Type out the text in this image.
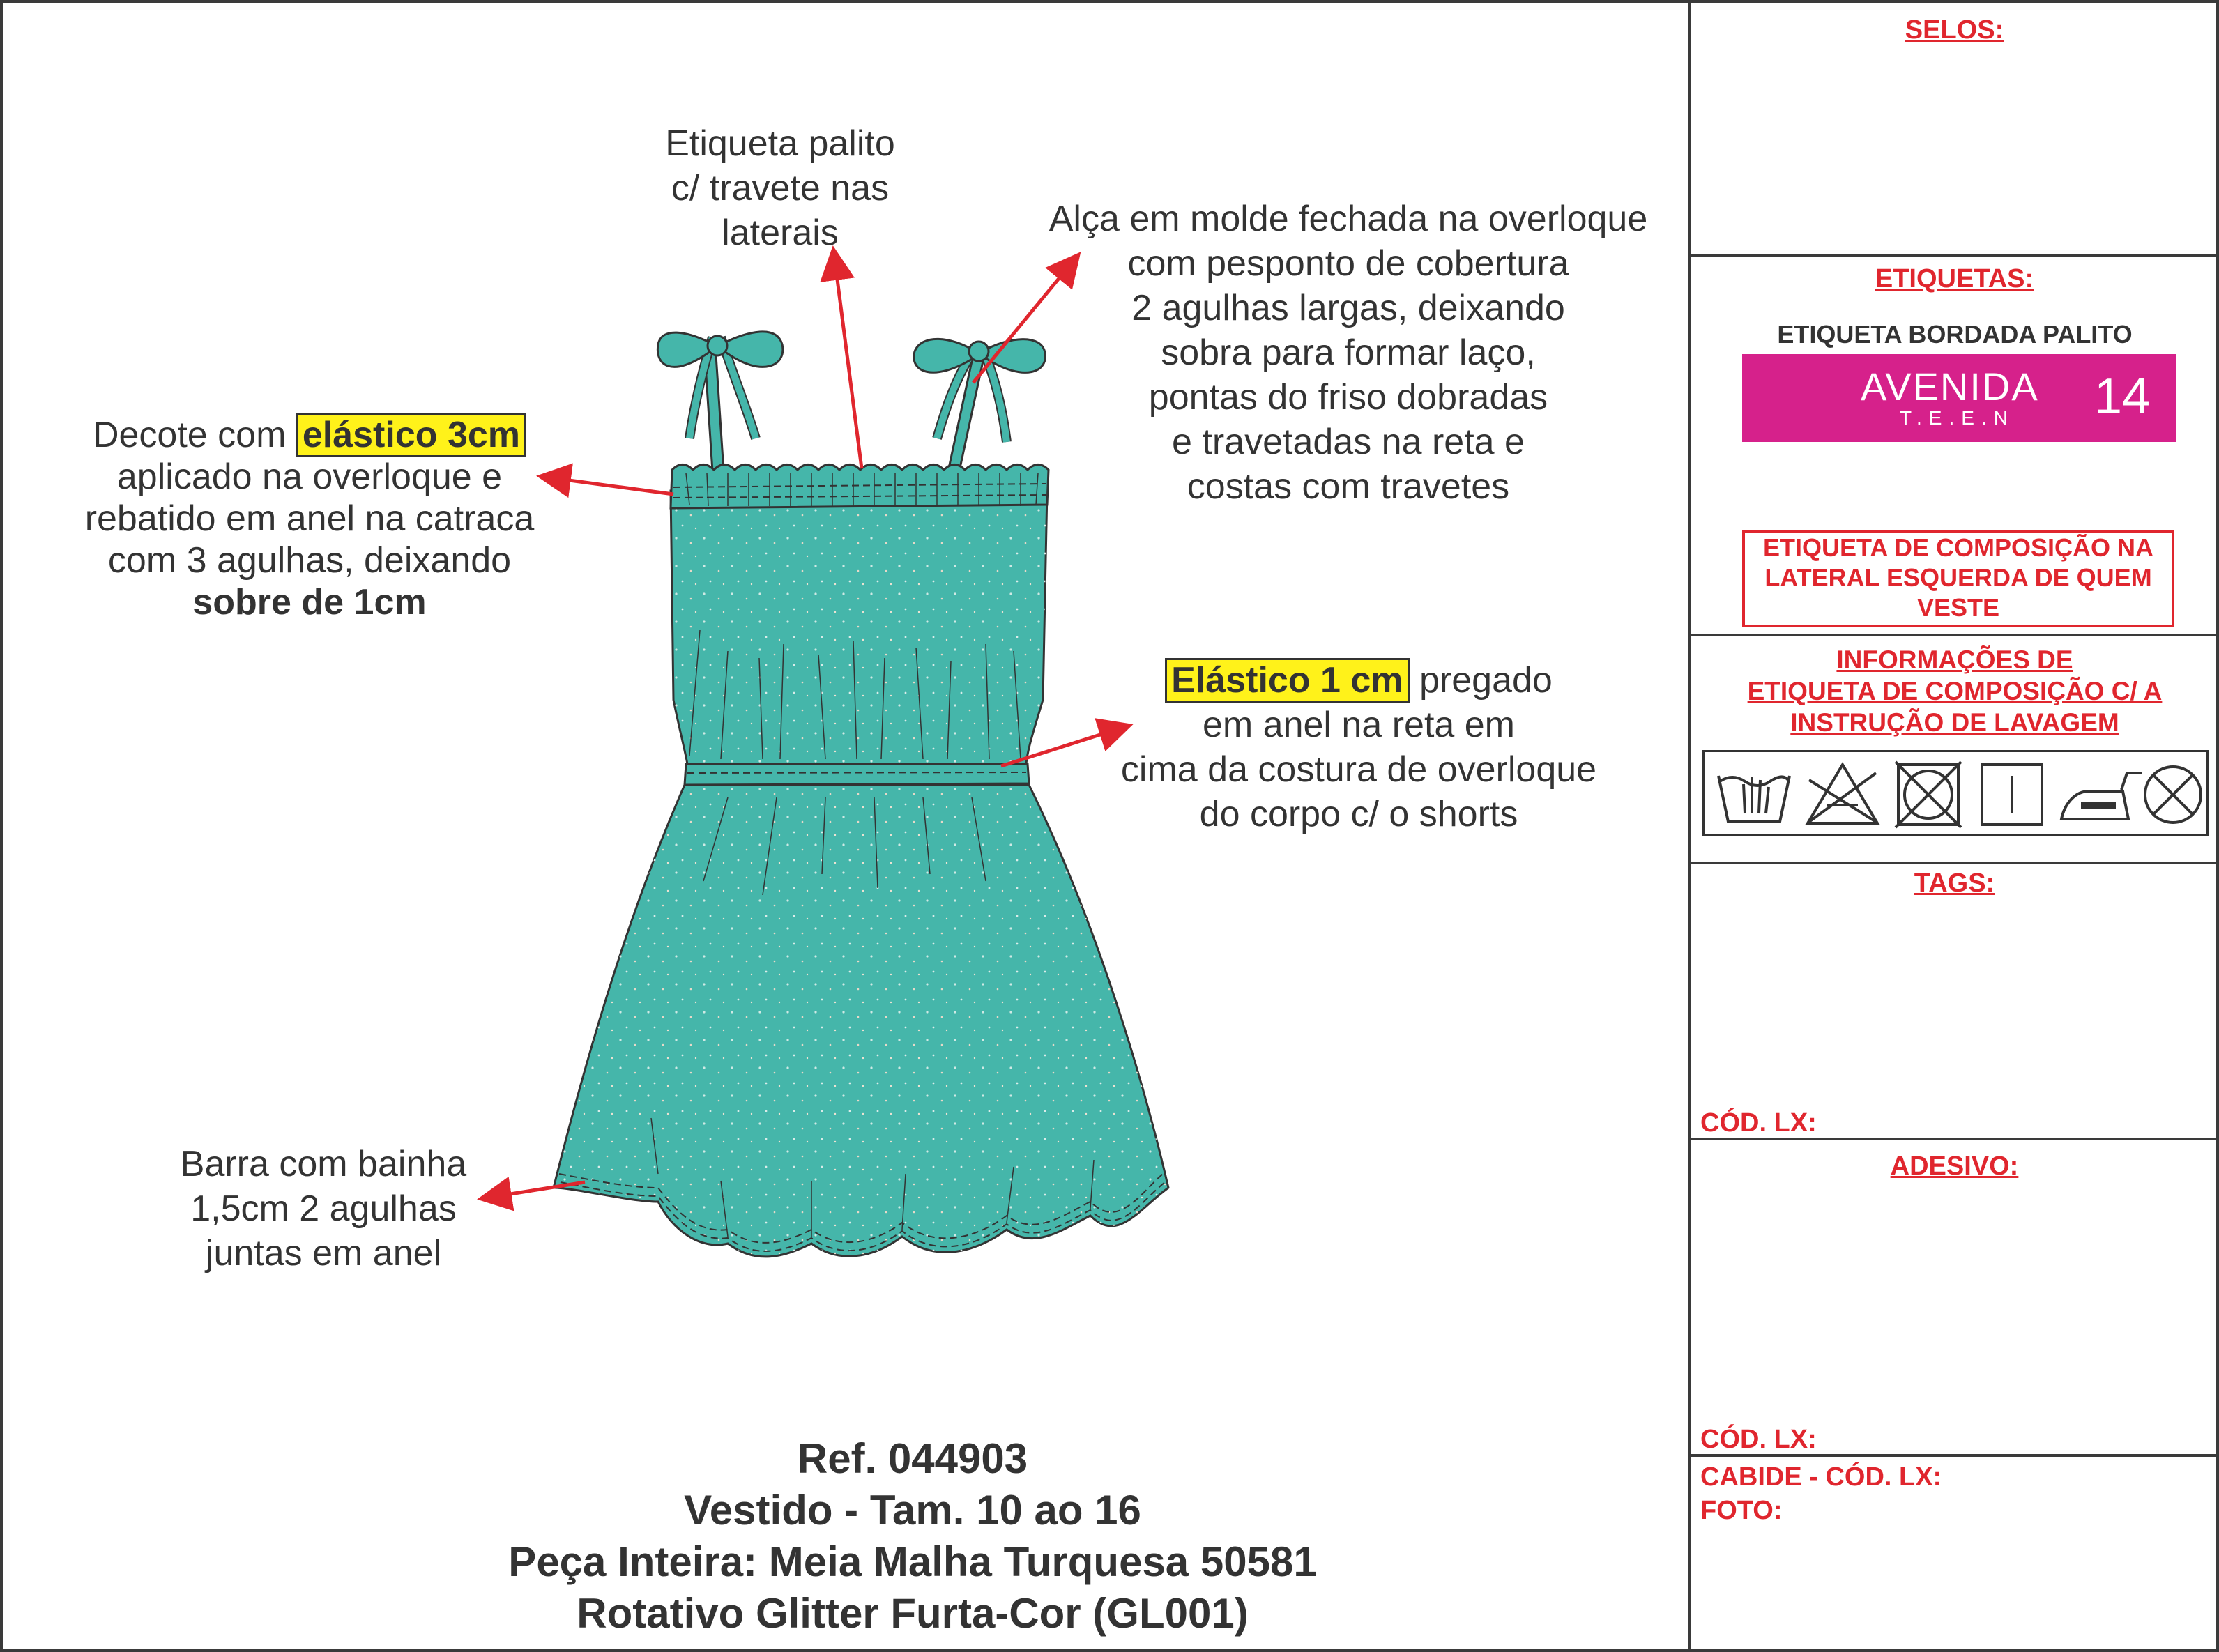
Etiqueta palito
c/ travete nas
laterais	Alça em molde fechada na overloque
com pesponto de cobertura
2 agulhas largas, deixando
sobra para formar laço,
pontas do friso dobradas
e travetadas na reta e
costas com travetes
Decote com elástico 3cm
aplicado na overloque e
rebatido em anel na catraca
com 3 agulhas, deixando
sobre de 1cm
Elástico 1 cm pregado
em anel na reta em
cima da costura de overloque
do corpo c/ o shorts
Barra com bainha
1,5cm 2 agulhas
juntas em anel
Ref. 044903
Vestido - Tam. 10 ao 16
Peça Inteira: Meia Malha Turquesa 50581
Rotativo Glitter Furta-Cor (GL001)
SELOS:
ETIQUETAS:
ETIQUETA BORDADA PALITO
AVENIDA
T.E.E.N 14
ETIQUETA DE COMPOSIÇÃO NA
LATERAL ESQUERDA DE QUEM
VESTE
INFORMAÇÕES DE
ETIQUETA DE COMPOSIÇÃO C/ A
INSTRUÇÃO DE LAVAGEM
TAGS:
CÓD. LX:
ADESIVO:
CÓD. LX:
CABIDE - CÓD. LX:
FOTO:
